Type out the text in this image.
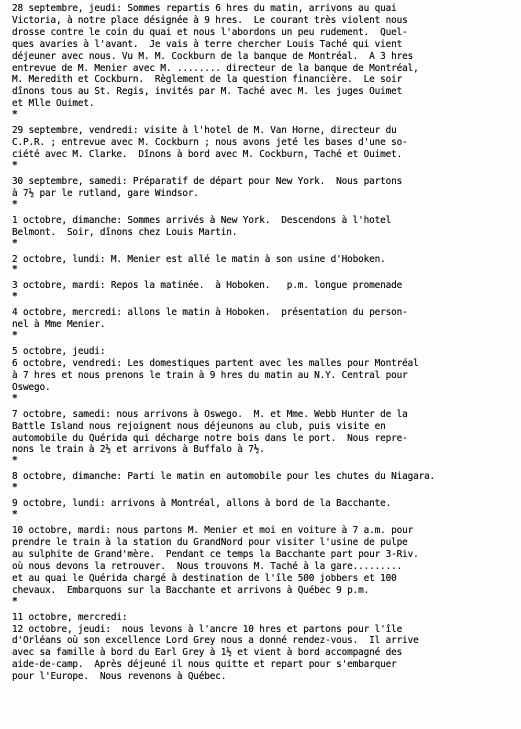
28 septembre, jeudi: Sommes repartis 6 hres du matin, arrivons au quai
Victoria, à notre place désignée à 9 hres.  Le courant très violent nous
drosse contre le coin du quai et nous l'abordons un peu rudement.  Quel-
ques avaries à l'avant.  Je vais à terre chercher Louis Taché qui vient
déjeuner avec nous. Vu M. M. Cockburn de la banque de Montréal.  A 3 hres
entrevue de M. Menier avec M. ........ directeur de la banque de Montréal,
M. Meredith et Cockburn.  Règlement de la question financière.  Le soir
dînons tous au St. Regis, invités par M. Taché avec M. les juges Ouimet
et Mlle Ouimet.
*
29 septembre, vendredi: visite à l'hotel de M. Van Horne, directeur du
C.P.R. ; entrevue avec M. Cockburn ; nous avons jeté les bases d'une so-
ciété avec M. Clarke.  Dînons à bord avec M. Cockburn, Taché et Ouimet.
*
30 septembre, samedi: Préparatif de départ pour New York.  Nous partons
à 7½ par le rutland, gare Windsor.
*
1 octobre, dimanche: Sommes arrivés à New York.  Descendons à l'hotel
Belmont.  Soir, dînons chez Louis Martin.
*
2 octobre, lundi: M. Menier est allé le matin à son usine d'Hoboken.
*
3 octobre, mardi: Repos la matinée.  à Hoboken.   p.m. longue promenade
*
4 octobre, mercredi: allons le matin à Hoboken.  présentation du person-
nel à Mme Menier.
*
5 octobre, jeudi:
6 octobre, vendredi: Les domestiques partent avec les malles pour Montréal
à 7 hres et nous prenons le train à 9 hres du matin au N.Y. Central pour
Oswego.
*
7 octobre, samedi: nous arrivons à Oswego.  M. et Mme. Webb Hunter de la
Battle Island nous rejoignent nous déjeunons au club, puis visite en
automobile du Quérida qui décharge notre bois dans le port.  Nous repre-
nons le train à 2½ et arrivons à Buffalo à 7½.
*
8 octobre, dimanche: Parti le matin en automobile pour les chutes du Niagara.
*
9 octobre, lundi: arrivons à Montréal, allons à bord de la Bacchante.
*
10 octobre, mardi: nous partons M. Menier et moi en voiture à 7 a.m. pour
prendre le train à la station du GrandNord pour visiter l'usine de pulpe
au sulphite de Grand'mère.  Pendant ce temps la Bacchante part pour 3-Riv.
où nous devons la retrouver.  Nous trouvons M. Taché à la gare.........
et au quai le Quérida chargé à destination de l'île 500 jobbers et 100
chevaux.  Embarquons sur la Bacchante et arrivons à Québec 9 p.m.
*
11 octobre, mercredi:
12 octobre, jeudi:  nous levons à l'ancre 10 hres et partons pour l'île
d'Orléans où son excellence Lord Grey nous a donné rendez-vous.  Il arrive
avec sa famille à bord du Earl Grey à 1½ et vient à bord accompagné des
aide-de-camp.  Après déjeuné il nous quitte et repart pour s'embarquer
pour l'Europe.  Nous revenons à Québec.
